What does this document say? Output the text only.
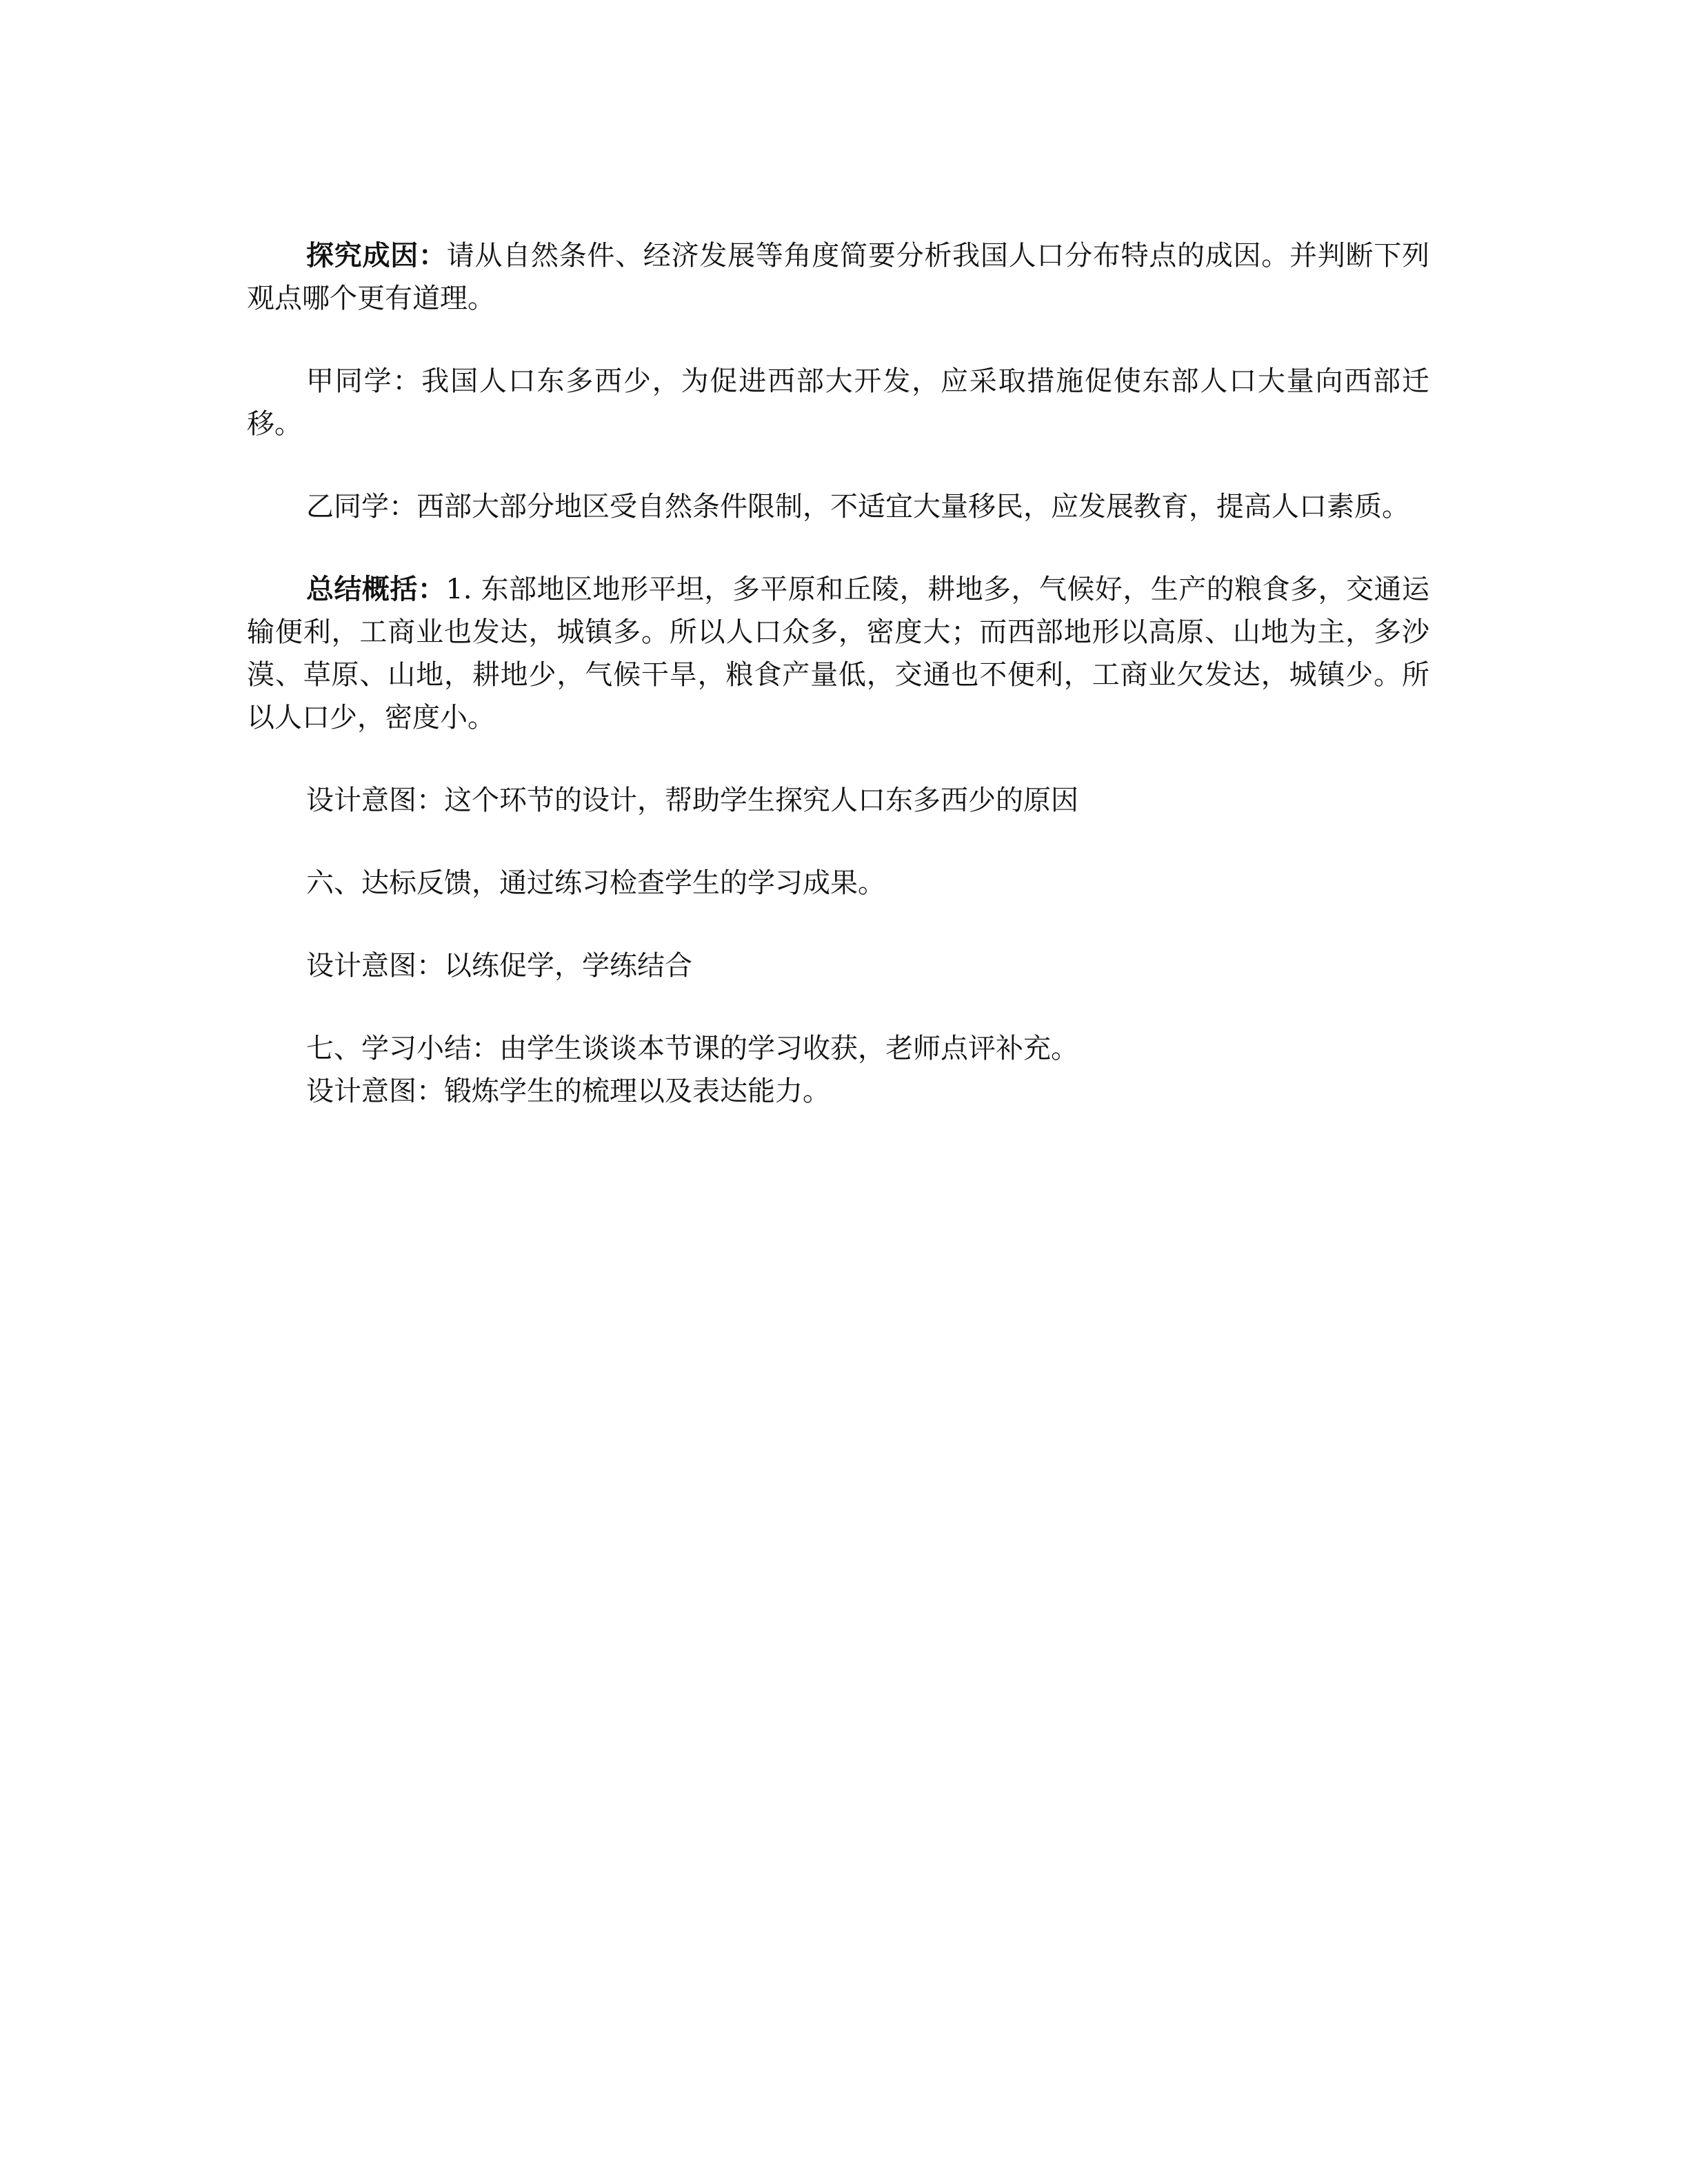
探究成因：请从自然条件、经济发展等角度简要分析我国人口分布特点的成因。并判断下列观点哪个更有道理。

甲同学：我国人口东多西少，为促进西部大开发，应采取措施促使东部人口大量向西部迁移。

乙同学：西部大部分地区受自然条件限制，不适宜大量移民，应发展教育，提高人口素质。

总结概括：1. 东部地区地形平坦，多平原和丘陵，耕地多，气候好，生产的粮食多，交通运输便利，工商业也发达，城镇多。所以人口众多，密度大；而西部地形以高原、山地为主，多沙漠、草原、山地，耕地少，气候干旱，粮食产量低，交通也不便利，工商业欠发达，城镇少。所以人口少，密度小。

设计意图：这个环节的设计，帮助学生探究人口东多西少的原因

六、达标反馈，通过练习检查学生的学习成果。

设计意图：以练促学，学练结合

七、学习小结：由学生谈谈本节课的学习收获，老师点评补充。

设计意图：锻炼学生的梳理以及表达能力。
